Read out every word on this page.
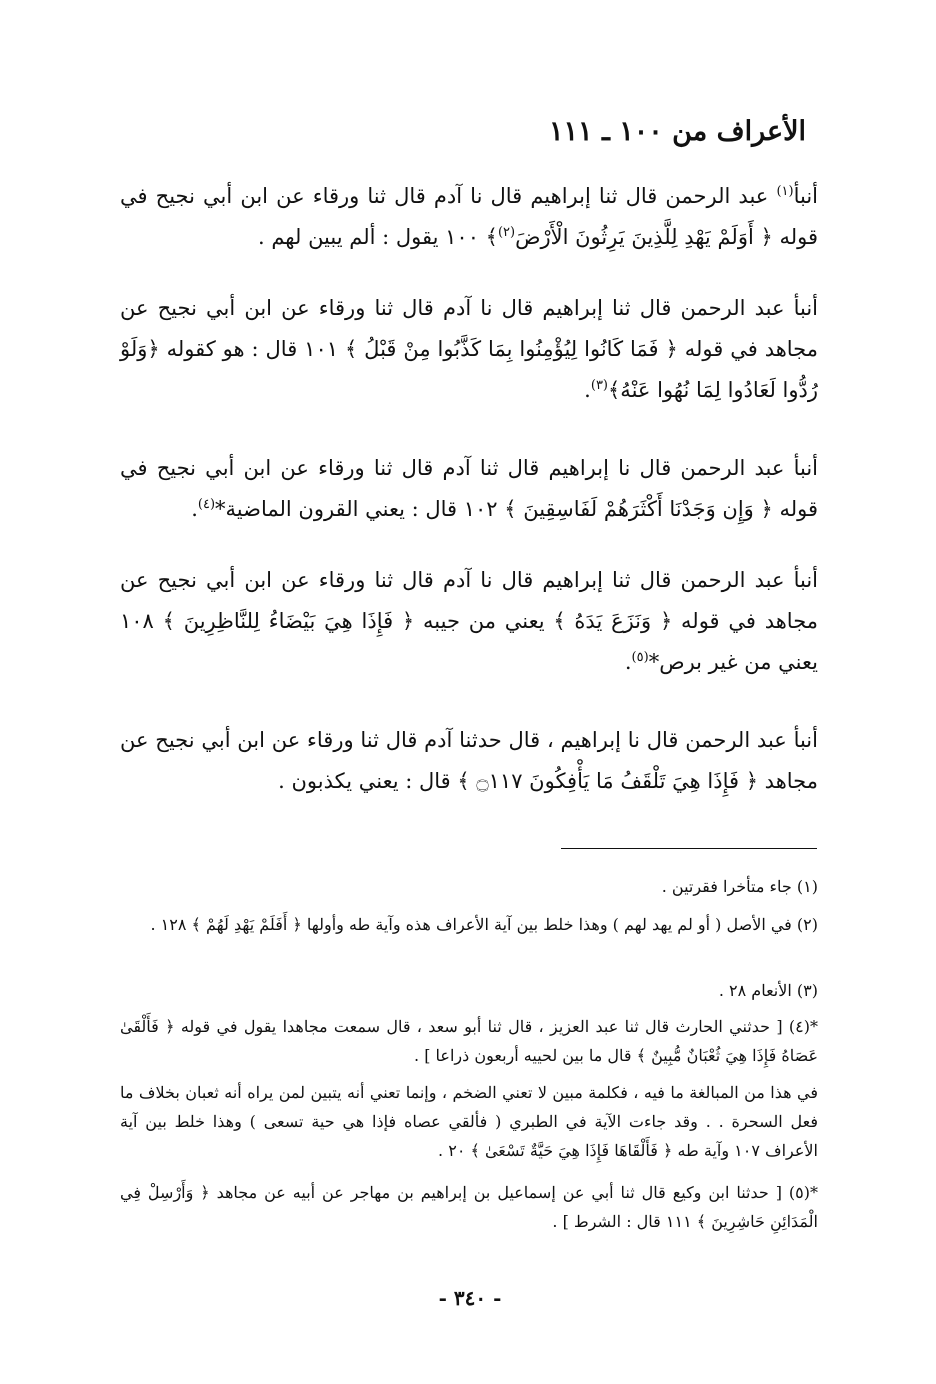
الأعراف من ١٠٠ ـ ١١١
أنبأ$^{(١)}$ عبد الرحمن قال ثنا إبراهيم قال نا آدم قال ثنا ورقاء عن ابن أبي نجيح في قوله ﴿ أَوَلَمْ يَهْدِ لِلَّذِينَ يَرِثُونَ الْأَرْضَ$^{(٢)}$﴾ ١٠٠ يقول : ألم يبين لهم .
أنبأ عبد الرحمن قال ثنا إبراهيم قال نا آدم قال ثنا ورقاء عن ابن أبي نجيح عن مجاهد في قوله ﴿ فَمَا كَانُوا لِيُؤْمِنُوا بِمَا كَذَّبُوا مِنْ قَبْلُ ﴾ ١٠١ قال : هو كقوله ﴿وَلَوْ رُدُّوا لَعَادُوا لِمَا نُهُوا عَنْهُ﴾$^{(٣)}$.
أنبأ عبد الرحمن قال نا إبراهيم قال ثنا آدم قال ثنا ورقاء عن ابن أبي نجيح في قوله ﴿ وَإِن وَجَدْنَا أَكْثَرَهُمْ لَفَاسِقِينَ ﴾ ١٠٢ قال : يعني القرون الماضية*$^{(٤)}$.
أنبأ عبد الرحمن قال ثنا إبراهيم قال نا آدم قال ثنا ورقاء عن ابن أبي نجيح عن مجاهد في قوله ﴿ وَنَزَعَ يَدَهُ ﴾ يعني من جيبه ﴿ فَإِذَا هِيَ بَيْضَاءُ لِلنَّاظِرِينَ ﴾ ١٠٨ يعني من غير برص*$^{(٥)}$.
أنبأ عبد الرحمن قال نا إبراهيم ، قال حدثنا آدم قال ثنا ورقاء عن ابن أبي نجيح عن مجاهد ﴿ فَإِذَا هِيَ تَلْقَفُ مَا يَأْفِكُونَ ۝١١٧ ﴾ قال : يعني يكذبون .
(١) جاء متأخرا فقرتين .
(٢) في الأصل ( أو لم يهد لهم ) وهذا خلط بين آية الأعراف هذه وآية طه وأولها ﴿ أَفَلَمْ يَهْدِ لَهُمْ ﴾ ١٢٨ .
(٣) الأنعام ٢٨ .
*(٤) [ حدثني الحارث قال ثنا عبد العزيز ، قال ثنا أبو سعد ، قال سمعت مجاهدا يقول في قوله ﴿ فَأَلْقَىٰ عَصَاهُ فَإِذَا هِيَ ثُعْبَانٌ مُّبِينٌ ﴾ قال ما بين لحييه أربعون ذراعا ] .
في هذا من المبالغة ما فيه ، فكلمة مبين لا تعني الضخم ، وإنما تعني أنه يتبين لمن يراه أنه ثعبان بخلاف ما فعل السحرة . . وقد جاءت الآية في الطبري ( فألقي عصاه فإذا هي حية تسعى ) وهذا خلط بين آية الأعراف ١٠٧ وآية طه ﴿ فَأَلْقَاهَا فَإِذَا هِيَ حَيَّةٌ تَسْعَىٰ ﴾ ٢٠ .
*(٥) [ حدثنا ابن وكيع قال ثنا أبي عن إسماعيل بن إبراهيم بن مهاجر عن أبيه عن مجاهد ﴿ وَأَرْسِلْ فِي الْمَدَائِنِ حَاشِرِينَ ﴾ ١١١ قال : الشرط ] .
- ٣٤٠ -
